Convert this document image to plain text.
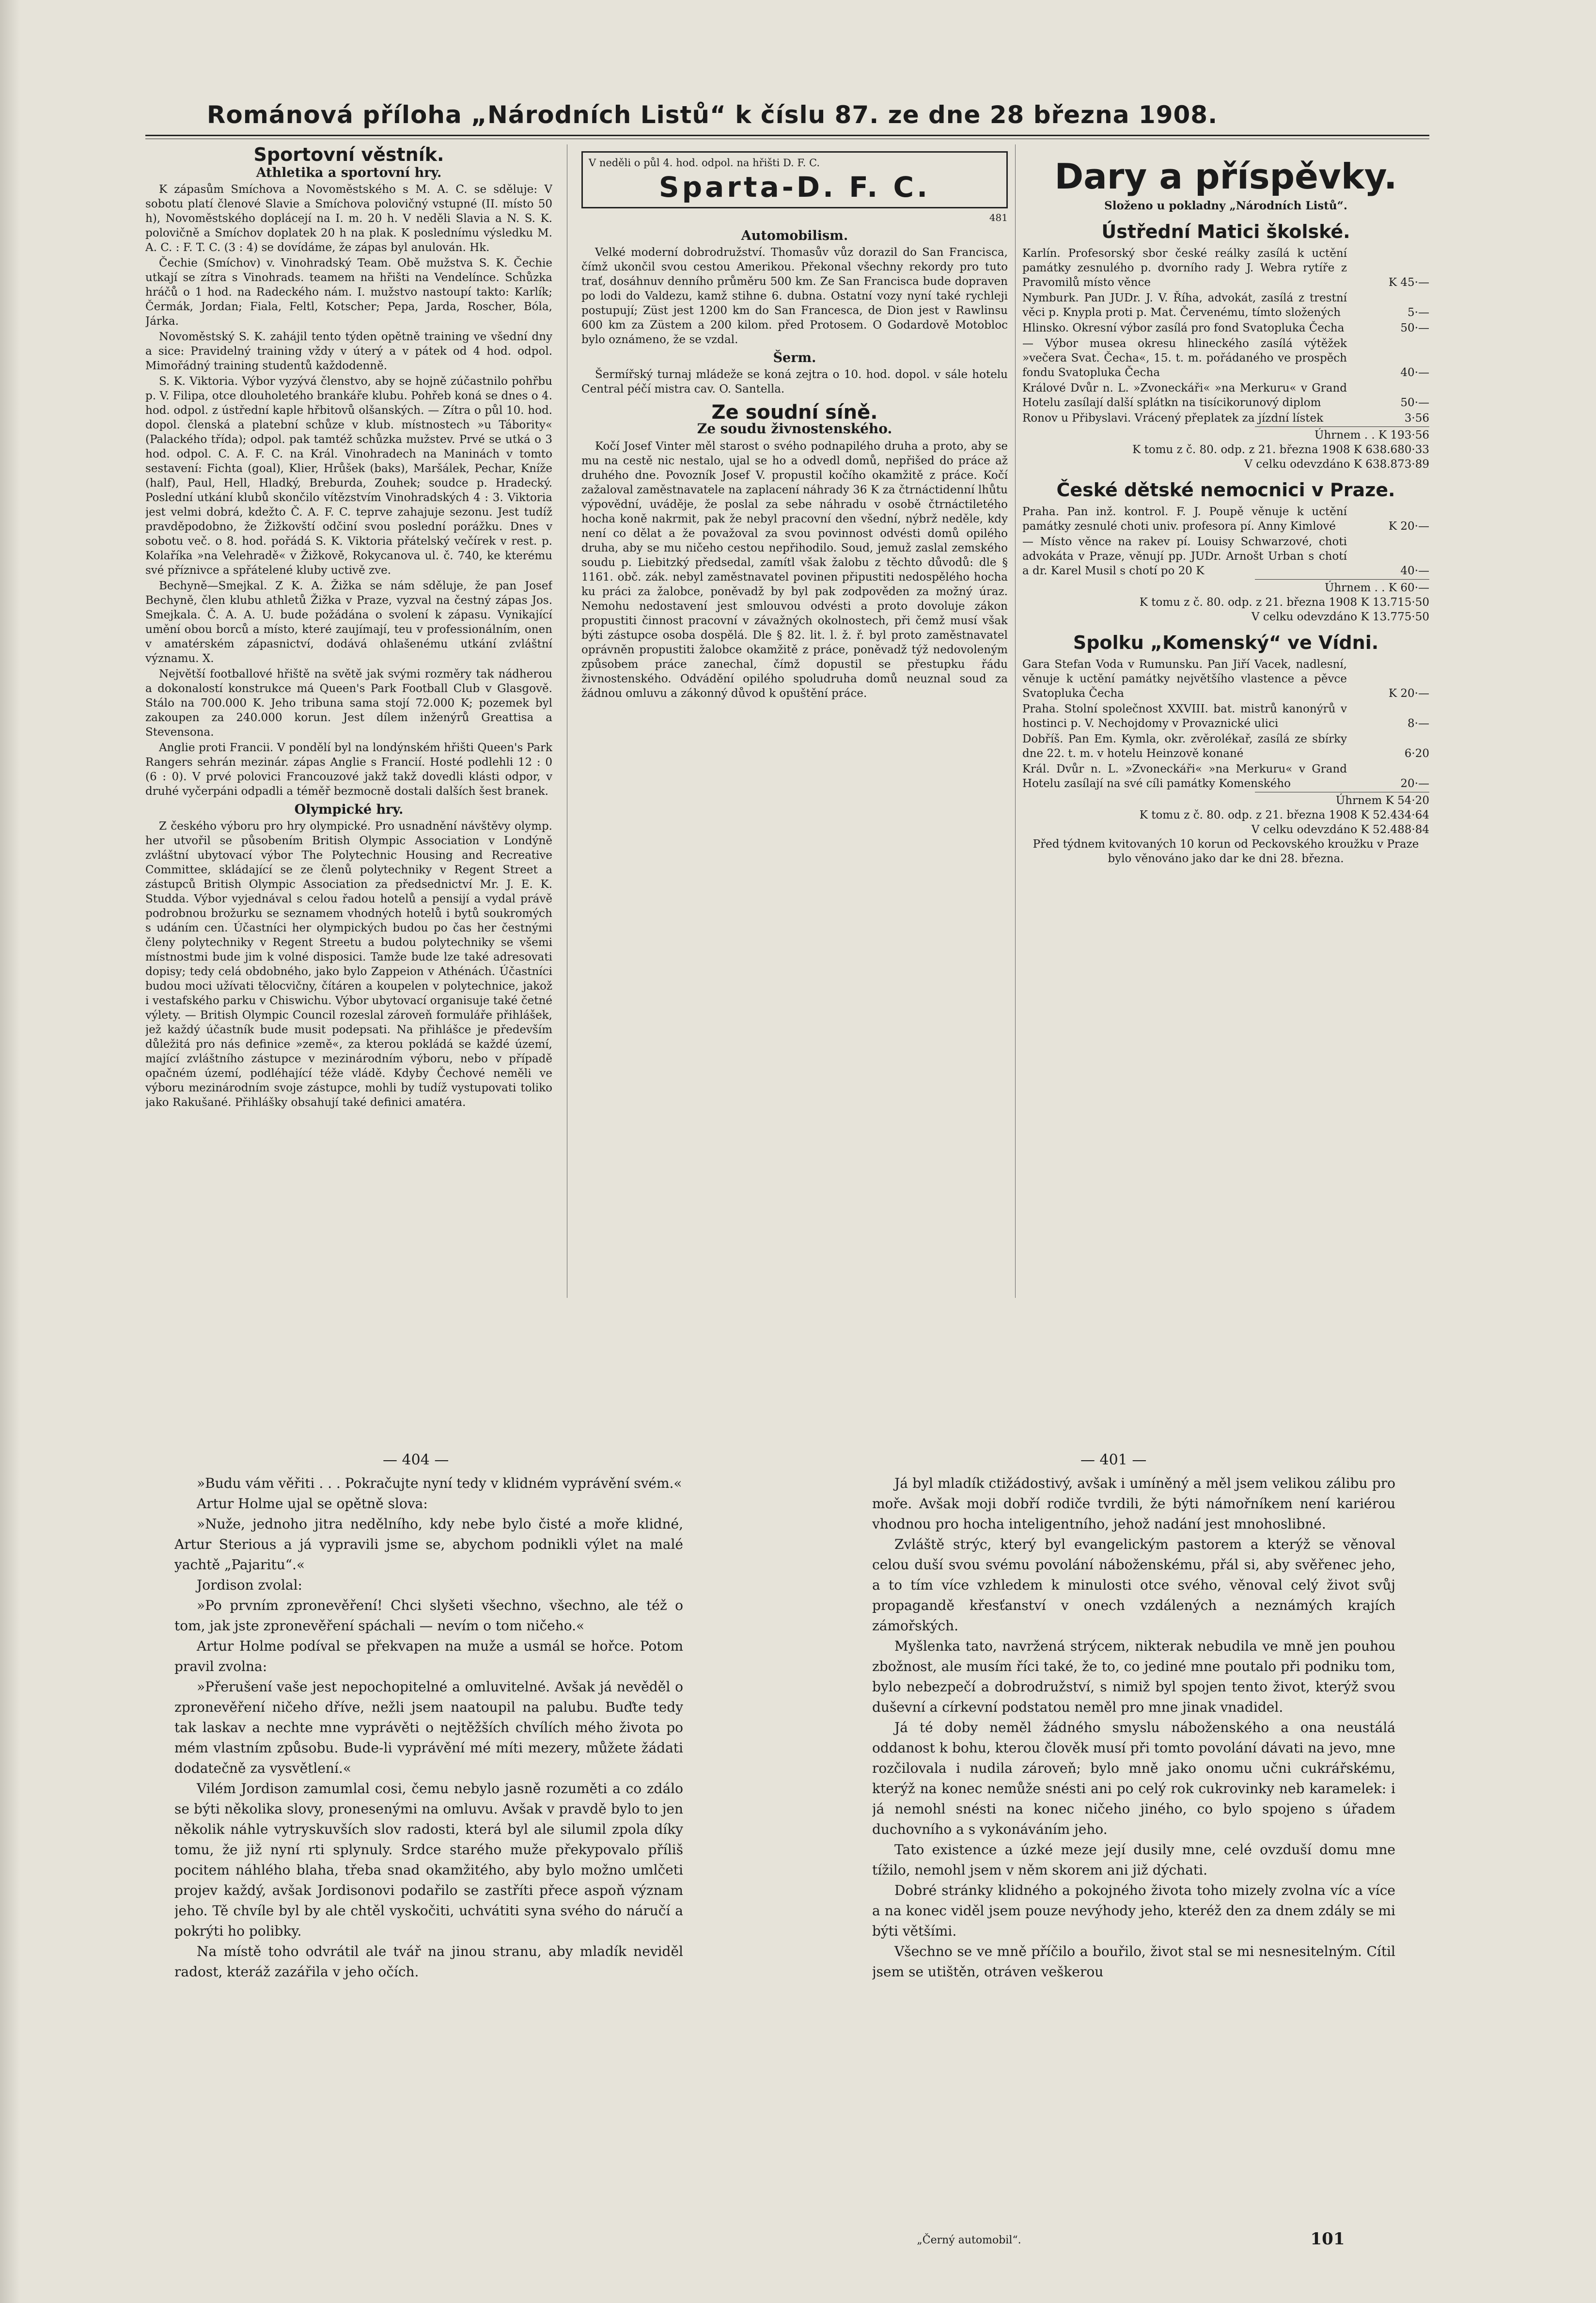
Románová příloha „Národních Listů“ k číslu 87. ze dne 28 března 1908.
Sportovní věstník.
Athletika a sportovní hry.

K zápasům Smíchova a Novoměstského s M. A. C. se sděluje: V sobotu platí členové Slavie a Smíchova polovičný vstupné (II. místo 50 h), Novoměstského doplácejí na I. m. 20 h. V neděli Slavia a N. S. K. polovičně a Smíchov doplatek 20 h na plak. K poslednímu výsledku M. A. C. : F. T. C. (3 : 4) se dovídáme, že zápas byl anulován. Hk.

Čechie (Smíchov) v. Vinohradský Team. Obě mužstva S. K. Čechie utkají se zítra s Vinohrads. teamem na hřišti na Vendelínce. Schůzka hráčů o 1 hod. na Radeckého nám. I. mužstvo nastoupí takto: Karlík; Čermák, Jordan; Fiala, Feltl, Kotscher; Pepa, Jarda, Roscher, Bóla, Járka.

Novoměstský S. K. zahájil tento týden opětně training ve všední dny a sice: Pravidelný training vždy v úterý a v pátek od 4 hod. odpol. Mimořádný training studentů každodenně.

S. K. Viktoria. Výbor vyzývá členstvo, aby se hojně zúčastnilo pohřbu p. V. Filipa, otce dlouholetého brankáře klubu. Pohřeb koná se dnes o 4. hod. odpol. z ústřední kaple hřbitovů olšanských. — Zítra o půl 10. hod. dopol. členská a platební schůze v klub. místnostech »u Tábority« (Palackého třída); odpol. pak tamtéž schůzka mužstev. Prvé se utká o 3 hod. odpol. C. A. F. C. na Král. Vinohradech na Maninách v tomto sestavení: Fichta (goal), Klier, Hrůšek (baks), Maršálek, Pechar, Kníže (half), Paul, Hell, Hladký, Breburda, Zouhek; soudce p. Hradecký. Poslední utkání klubů skončilo vítězstvím Vinohradských 4 : 3. Viktoria jest velmi dobrá, kdežto Č. A. F. C. teprve zahajuje sezonu. Jest tudíž pravděpodobno, že Žižkovští odčiní svou poslední porážku. Dnes v sobotu več. o 8. hod. pořádá S. K. Viktoria přátelský večírek v rest. p. Kolaříka »na Velehradě« v Žižkově, Rokycanova ul. č. 740, ke kterému své příznivce a spřátelené kluby uctivě zve.

Bechyně—Smejkal. Z K. A. Žižka se nám sděluje, že pan Josef Bechyně, člen klubu athletů Žižka v Praze, vyzval na čestný zápas Jos. Smejkala. Č. A. A. U. bude požádána o svolení k zápasu. Vynikající umění obou borců a místo, které zaujímají, teu v professionálním, onen v amatérském zápasnictví, dodává ohlašenému utkání zvláštní významu. X.

Největší footballové hřiště na světě jak svými rozměry tak nádherou a dokonalostí konstrukce má Queen's Park Football Club v Glasgově. Stálo na 700.000 K. Jeho tribuna sama stojí 72.000 K; pozemek byl zakoupen za 240.000 korun. Jest dílem inženýrů Greattisa a Stevensona.

Anglie proti Francii. V pondělí byl na londýnském hřišti Queen's Park Rangers sehrán mezinár. zápas Anglie s Francií. Hosté podlehli 12 : 0 (6 : 0). V prvé polovici Francouzové jakž takž dovedli klásti odpor, v druhé vyčerpáni odpadli a téměř bezmocně dostali dalších šest branek.

Olympické hry.

Z českého výboru pro hry olympické. Pro usnadnění návštěvy olymp. her utvořil se působením British Olympic Association v Londýně zvláštní ubytovací výbor The Polytechnic Housing and Recreative Committee, skládající se ze členů polytechniky v Regent Street a zástupců British Olympic Association za předsednictví Mr. J. E. K. Studda. Výbor vyjednával s celou řadou hotelů a pensijí a vydal právě podrobnou brožurku se seznamem vhodných hotelů i bytů soukromých s udáním cen. Účastníci her olympických budou po čas her čestnými členy polytechniky v Regent Streetu a budou polytechniky se všemi místnostmi bude jim k volné disposici. Tamže bude lze také adresovati dopisy; tedy celá obdobného, jako bylo Zappeion v Athénách. Účastníci budou moci užívati tělocvičny, čítáren a koupelen v polytechnice, jakož i vestafského parku v Chiswichu. Výbor ubytovací organisuje také četné výlety. — British Olympic Council rozeslal zároveň formuláře přihlášek, jež každý účastník bude musit podepsati. Na přihlášce je především důležitá pro nás definice »země«, za kterou pokládá se každé území, mající zvláštního zástupce v mezinárodním výboru, nebo v případě opačném území, podléhající téže vládě. Kdyby Čechové neměli ve výboru mezinárodním svoje zástupce, mohli by tudíž vystupovati toliko jako Rakušané. Přihlášky obsahují také definici amatéra.

V neděli o půl 4. hod. odpol. na hřišti D. F. C.
Sparta-D. F. C.
481
Automobilism.

Velké moderní dobrodružství. Thomasův vůz dorazil do San Francisca, čímž ukončil svou cestou Amerikou. Překonal všechny rekordy pro tuto trať, dosáhnuv denního průměru 500 km. Ze San Francisca bude dopraven po lodi do Valdezu, kamž stihne 6. dubna. Ostatní vozy nyní také rychleji postupují; Züst jest 1200 km do San Francesca, de Dion jest v Rawlinsu 600 km za Züstem a 200 kilom. před Protosem. O Godardově Motobloc bylo oznámeno, že se vzdal.

Šerm.

Šermířský turnaj mládeže se koná zejtra o 10. hod. dopol. v sále hotelu Central péčí mistra cav. O. Santella.

Ze soudní síně.
Ze soudu živnostenského.

Kočí Josef Vinter měl starost o svého podnapilého druha a proto, aby se mu na cestě nic nestalo, ujal se ho a odvedl domů, nepřišed do práce až druhého dne. Povozník Josef V. propustil kočího okamžitě z práce. Kočí zažaloval zaměstnavatele na zaplacení náhrady 36 K za čtrnáctidenní lhůtu výpovědní, uváděje, že poslal za sebe náhradu v osobě čtrnáctiletého hocha koně nakrmit, pak že nebyl pracovní den všední, nýbrž neděle, kdy není co dělat a že považoval za svou povinnost odvésti domů opilého druha, aby se mu ničeho cestou nepřihodilo. Soud, jemuž zaslal zemského soudu p. Liebitzký předsedal, zamítl však žalobu z těchto důvodů: dle § 1161. obč. zák. nebyl zaměstnavatel povinen připustiti nedospělého hocha ku práci za žalobce, poněvadž by byl pak zodpověden za možný úraz. Nemohu nedostavení jest smlouvou odvésti a proto dovoluje zákon propustiti činnost pracovní v závažných okolnostech, při čemž musí však býti zástupce osoba dospělá. Dle § 82. lit. l. ž. ř. byl proto zaměstnavatel oprávněn propustiti žalobce okamžitě z práce, poněvadž týž nedovoleným způsobem práce zanechal, čímž dopustil se přestupku řádu živnostenského. Odvádění opilého spoludruha domů neuznal soud za žádnou omluvu a zákonný důvod k opuštění práce.

Dary a příspěvky.
Složeno u pokladny „Národních Listů“.
Ústřední Matici školské.

Karlín. Profesorský sbor české reálky zasílá k uctění památky zesnulého p. dvorního rady J. Webra rytíře z Pravomilů místo věnce	K 45·—

Nymburk. Pan JUDr. J. V. Říha, advokát, zasílá z trestní věci p. Knypla proti p. Mat. Červenému, tímto složených	5·—

Hlinsko. Okresní výbor zasílá pro fond Svatopluka Čecha	50·—

— Výbor musea okresu hlineckého zasílá výtěžek »večera Svat. Čecha«, 15. t. m. pořádaného ve prospěch fondu Svatopluka Čecha	40·—

Králové Dvůr n. L. »Zvoneckáři« »na Merkuru« v Grand Hotelu zasílají další splátkn na tisícikorunový diplom	50·—

Ronov u Přibyslavi. Vrácený přeplatek za jízdní lístek	3·56

Úhrnem . . K 193·56

K tomu z č. 80. odp. z 21. března 1908 K 638.680·33

V celku odevzdáno K 638.873·89

České dětské nemocnici v Praze.

Praha. Pan inž. kontrol. F. J. Poupě věnuje k uctění památky zesnulé choti univ. profesora pí. Anny Kimlové	K 20·—

— Místo věnce na rakev pí. Louisy Schwarzové, choti advokáta v Praze, věnují pp. JUDr. Arnošt Urban s chotí a dr. Karel Musil s chotí po 20 K	40·—

Úhrnem . . K 60·—

K tomu z č. 80. odp. z 21. března 1908 K 13.715·50

V celku odevzdáno K 13.775·50

Spolku „Komenský“ ve Vídni.

Gara Stefan Voda v Rumunsku. Pan Jiří Vacek, nadlesní, věnuje k uctění památky největšího vlastence a pěvce Svatopluka Čecha	K 20·—

Praha. Stolní společnost XXVIII. bat. mistrů kanonýrů v hostinci p. V. Nechojdomy v Provaznické ulici	8·—

Dobříš. Pan Em. Kymla, okr. zvěrolékař, zasílá ze sbírky dne 22. t. m. v hotelu Heinzově konané	6·20

Král. Dvůr n. L. »Zvoneckáři« »na Merkuru« v Grand Hotelu zasílají na své cíli památky Komenského	20·—

Úhrnem K 54·20

K tomu z č. 80. odp. z 21. března 1908 K 52.434·64

V celku odevzdáno K 52.488·84

Před týdnem kvitovaných 10 korun od Peckovského kroužku v Praze bylo věnováno jako dar ke dni 28. března.

— 404 —	— 401 —

»Budu vám věřiti . . . Pokračujte nyní tedy v klidném vyprávění svém.«

Artur Holme ujal se opětně slova:

»Nuže, jednoho jitra nedělního, kdy nebe bylo čisté a moře klidné, Artur Sterious a já vypravili jsme se, abychom podnikli výlet na malé yachtě „Pajaritu“.«

Jordison zvolal:

»Po prvním zpronevěření! Chci slyšeti všechno, všechno, ale též o tom, jak jste zpronevěření spáchali — nevím o tom ničeho.«

Artur Holme podíval se překvapen na muže a usmál se hořce. Potom pravil zvolna:

»Přerušení vaše jest nepochopitelné a omluvitelné. Avšak já nevěděl o zpronevěření ničeho dříve, nežli jsem naatoupil na palubu. Buďte tedy tak laskav a nechte mne vyprávěti o nejtěžších chvílích mého života po mém vlastním způsobu. Bude-li vyprávění mé míti mezery, můžete žádati dodatečně za vysvětlení.«

Vilém Jordison zamumlal cosi, čemu nebylo jasně rozuměti a co zdálo se býti několika slovy, pronesenými na omluvu. Avšak v pravdě bylo to jen několik náhle vytryskuvších slov radosti, která byl ale silumil zpola díky tomu, že již nyní rti splynuly. Srdce starého muže překypovalo příliš pocitem náhlého blaha, třeba snad okamžitého, aby bylo možno umlčeti projev každý, avšak Jordisonovi podařilo se zastříti přece aspoň význam jeho. Tě chvíle byl by ale chtěl vyskočiti, uchvátiti syna svého do náručí a pokrýti ho polibky.

Na místě toho odvrátil ale tvář na jinou stranu, aby mladík neviděl radost, kteráž zazářila v jeho očích.

Já byl mladík ctižádostivý, avšak i umíněný a měl jsem velikou zálibu pro moře. Avšak moji dobří rodiče tvrdili, že býti námořníkem není kariérou vhodnou pro hocha inteligentního, jehož nadání jest mnohoslibné.

Zvláště strýc, který byl evangelickým pastorem a kterýž se věnoval celou duší svou svému povolání náboženskému, přál si, aby svěřenec jeho, a to tím více vzhledem k minulosti otce svého, věnoval celý život svůj propagandě křesťanství v onech vzdálených a neznámých krajích zámořských.

Myšlenka tato, navržená strýcem, nikterak nebudila ve mně jen pouhou zbožnost, ale musím říci také, že to, co jediné mne poutalo při podniku tom, bylo nebezpečí a dobrodružství, s nimiž byl spojen tento život, kterýž svou duševní a církevní podstatou neměl pro mne jinak vnadidel.

Já té doby neměl žádného smyslu náboženského a ona neustálá oddanost k bohu, kterou člověk musí při tomto povolání dávati na jevo, mne rozčilovala i nudila zároveň; bylo mně jako onomu učni cukrářskému, kterýž na konec nemůže snésti ani po celý rok cukrovinky neb karamelek: i já nemohl snésti na konec ničeho jiného, co bylo spojeno s úřadem duchovního a s vykonáváním jeho.

Tato existence a úzké meze její dusily mne, celé ovzduší domu mne tížilo, nemohl jsem v něm skorem ani již dýchati.

Dobré stránky klidného a pokojného života toho mizely zvolna víc a více a na konec viděl jsem pouze nevýhody jeho, kteréž den za dnem zdály se mi býti většími.

Všechno se ve mně příčilo a bouřilo, život stal se mi nesnesitelným. Cítil jsem se utištěn, otráven veškerou

„Černý automobil“.	101
